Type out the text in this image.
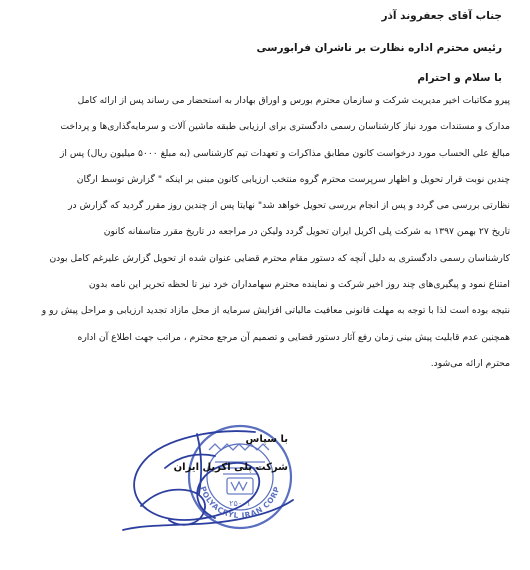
جناب آقای جعفروند آذر
رئیس محترم اداره نظارت بر ناشران فرابورسی
با سلام و احترام
پیرو مکاتبات اخیر مدیریت شرکت و سازمان محترم بورس و اوراق بهادار به استحضار می رساند پس از ارائه کامل
مدارک و مستندات مورد نیاز کارشناسان رسمی دادگستری برای ارزیابی طبقه ماشین آلات و سرمایه‌گذاری‌ها و پرداخت
مبالغ علی الحساب مورد درخواست کانون مطابق مذاکرات و تعهدات تیم کارشناسی (به مبلغ ۵۰۰۰ میلیون ریال) پس از
چندین نوبت قرار تحویل و اظهار سرپرست محترم گروه منتخب ارزیابی کانون مبنی بر اینکه " گزارش توسط ارگان
نظارتی بررسی می گردد و پس از انجام بررسی تحویل خواهد شد" نهایتا پس از چندین روز مقرر گردید که گزارش در
تاریخ ۲۷ بهمن ۱۳۹۷ به شرکت پلی اکریل ایران تحویل گردد ولیکن در مراجعه در تاریخ مقرر متاسفانه کانون
کارشناسان رسمی دادگستری به دلیل آنچه که دستور مقام محترم قضایی عنوان شده از تحویل گزارش علیرغم کامل بودن
امتناع نمود و پیگیری‌های چند روز اخیر شرکت و نماینده محترم سهامداران خرد نیز تا لحظه تحریر این نامه بدون
نتیجه بوده است لذا با توجه به مهلت قانونی معافیت مالیاتی افزایش سرمایه از محل مازاد تجدید ارزیابی و مراحل پیش رو و
همچنین عدم قابلیت پیش بینی زمان رفع آثار دستور قضایی و تصمیم آن مرجع محترم ، مراتب جهت اطلاع آن اداره
محترم ارائه می‌شود.
POLYACRYL IRAN CORP
۲۵۰۰۱
با سپاس
شرکت پلی اکریل ایران
